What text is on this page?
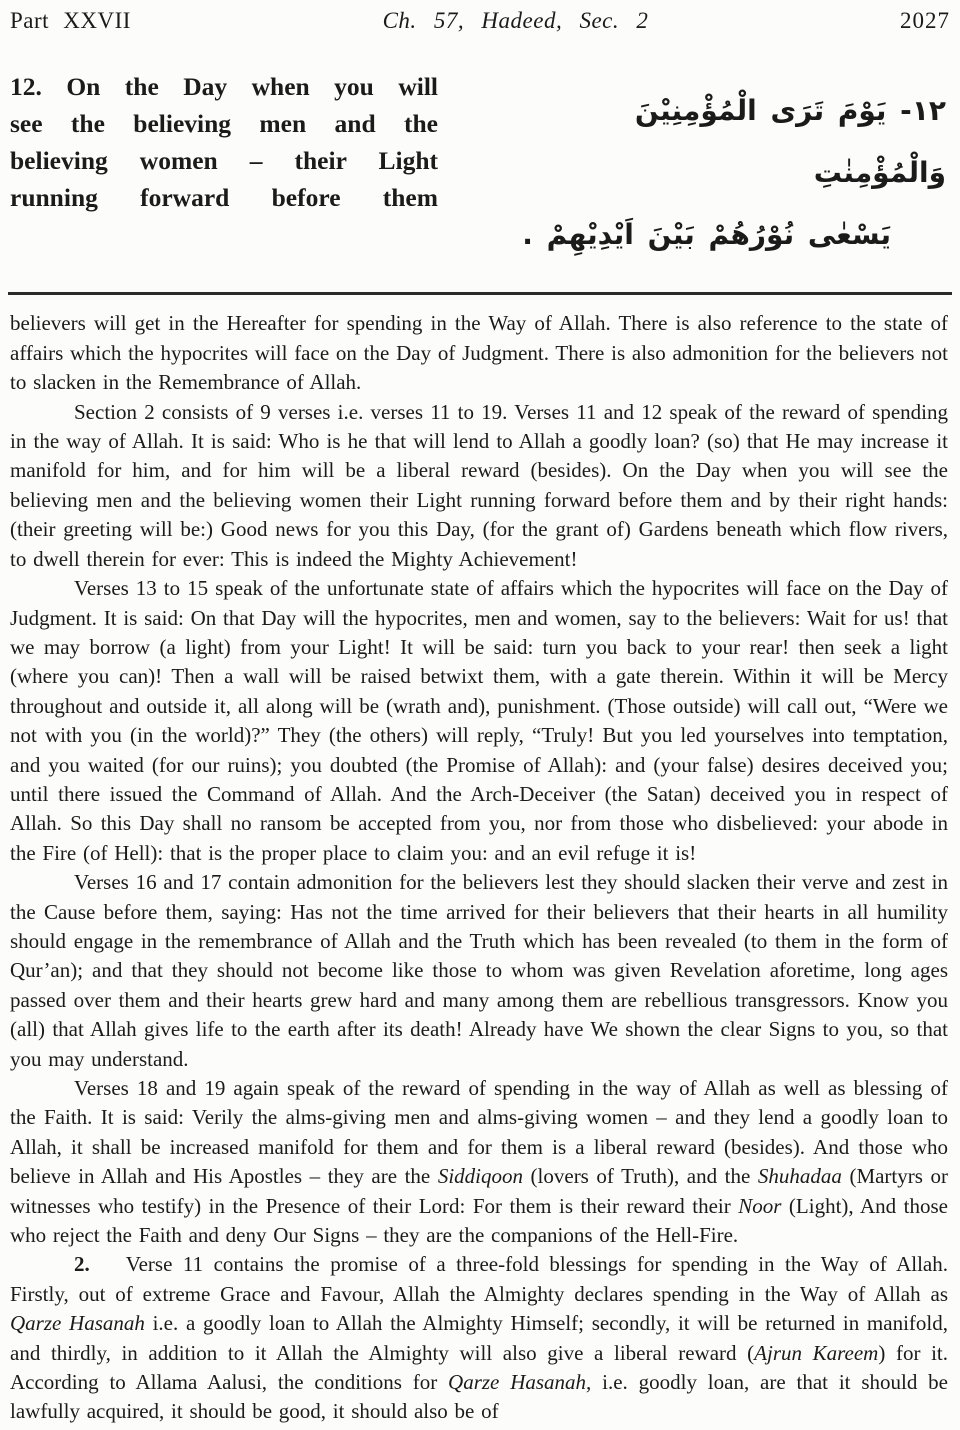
Part XXVII	Ch. 57, Hadeed, Sec. 2	2027
12. On the Day when you will
see the believing men and the
believing women – their Light
running forward before them
۱۲- يَوْمَ تَرَى الْمُؤْمِنِيْنَ وَالْمُؤْمِنٰتِ
يَسْعٰى نُوْرُهُمْ بَيْنَ اَيْدِيْهِمْ .

believers will get in the Hereafter for spending in the Way of Allah. There is also reference to the state of affairs which the hypocrites will face on the Day of Judgment. There is also admonition for the believers not to slacken in the Remembrance of Allah.

Section 2 consists of 9 verses i.e. verses 11 to 19. Verses 11 and 12 speak of the reward of spending in the way of Allah. It is said: Who is he that will lend to Allah a goodly loan? (so) that He may increase it manifold for him, and for him will be a liberal reward (besides). On the Day when you will see the believing men and the believing women their Light running forward before them and by their right hands: (their greeting will be:) Good news for you this Day, (for the grant of) Gardens beneath which flow rivers, to dwell therein for ever: This is indeed the Mighty Achievement!

Verses 13 to 15 speak of the unfortunate state of affairs which the hypocrites will face on the Day of Judgment. It is said: On that Day will the hypocrites, men and women, say to the believers: Wait for us! that we may borrow (a light) from your Light! It will be said: turn you back to your rear! then seek a light (where you can)! Then a wall will be raised betwixt them, with a gate therein. Within it will be Mercy throughout and outside it, all along will be (wrath and), punishment. (Those outside) will call out, “Were we not with you (in the world)?” They (the others) will reply, “Truly! But you led yourselves into temptation, and you waited (for our ruins); you doubted (the Promise of Allah): and (your false) desires deceived you; until there issued the Command of Allah. And the Arch-Deceiver (the Satan) deceived you in respect of Allah. So this Day shall no ransom be accepted from you, nor from those who disbelieved: your abode in the Fire (of Hell): that is the proper place to claim you: and an evil refuge it is!

Verses 16 and 17 contain admonition for the believers lest they should slacken their verve and zest in the Cause before them, saying: Has not the time arrived for their believers that their hearts in all humility should engage in the remembrance of Allah and the Truth which has been revealed (to them in the form of Qur’an); and that they should not become like those to whom was given Revelation aforetime, long ages passed over them and their hearts grew hard and many among them are rebellious transgressors. Know you (all) that Allah gives life to the earth after its death! Already have We shown the clear Signs to you, so that you may understand.

Verses 18 and 19 again speak of the reward of spending in the way of Allah as well as blessing of the Faith. It is said: Verily the alms-giving men and alms-giving women – and they lend a goodly loan to Allah, it shall be increased manifold for them and for them is a liberal reward (besides). And those who believe in Allah and His Apostles – they are the Siddiqoon (lovers of Truth), and the Shuhadaa (Martyrs or witnesses who testify) in the Presence of their Lord: For them is their reward their Noor (Light), And those who reject the Faith and deny Our Signs – they are the companions of the Hell-Fire.

2. Verse 11 contains the promise of a three-fold blessings for spending in the Way of Allah. Firstly, out of extreme Grace and Favour, Allah the Almighty declares spending in the Way of Allah as Qarze Hasanah i.e. a goodly loan to Allah the Almighty Himself; secondly, it will be returned in manifold, and thirdly, in addition to it Allah the Almighty will also give a liberal reward (Ajrun Kareem) for it. According to Allama Aalusi, the conditions for Qarze Hasanah, i.e. goodly loan, are that it should be lawfully acquired, it should be good, it should also be of
